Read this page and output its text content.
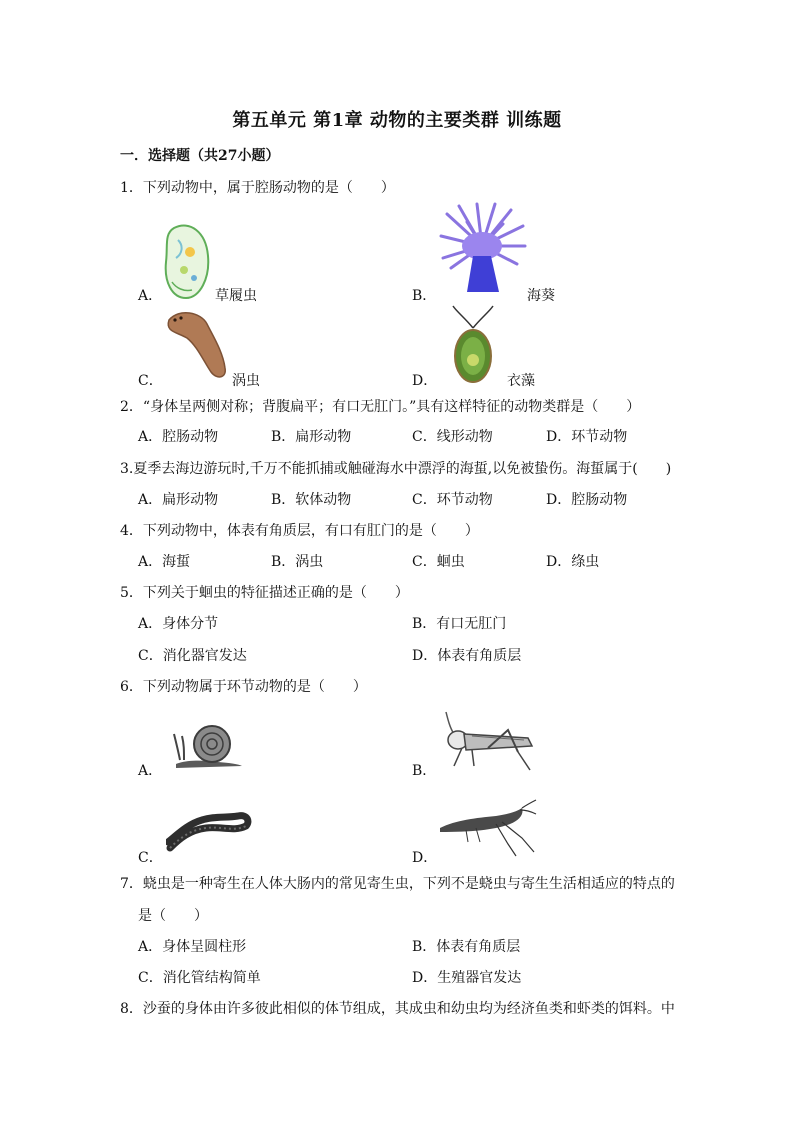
第五单元 第1章 动物的主要类群 训练题
一．选择题（共27小题）
1．下列动物中，属于腔肠动物的是（　　）
A．	草履虫	B．	海葵
C．	涡虫	D．	衣藻
2．“身体呈两侧对称；背腹扁平；有口无肛门。”具有这样特征的动物类群是（　　）
A．腔肠动物	B．扁形动物	C．线形动物	D．环节动物
3.夏季去海边游玩时,千万不能抓捕或触碰海水中漂浮的海蜇,以免被蛰伤。海蜇属于(　　)
A．扁形动物	B．软体动物	C．环节动物	D．腔肠动物
4．下列动物中，体表有角质层，有口有肛门的是（　　）
A．海蜇	B．涡虫	C．蛔虫	D．绦虫
5．下列关于蛔虫的特征描述正确的是（　　）
A．身体分节	B．有口无肛门
C．消化器官发达	D．体表有角质层
6．下列动物属于环节动物的是（　　）
A．	B．
C．	D．
7．蛲虫是一种寄生在人体大肠内的常见寄生虫，下列不是蛲虫与寄生生活相适应的特点的
是（　　）
A．身体呈圆柱形	B．体表有角质层
C．消化管结构简单	D．生殖器官发达
8．沙蚕的身体由许多彼此相似的体节组成，其成虫和幼虫均为经济鱼类和虾类的饵料。中
